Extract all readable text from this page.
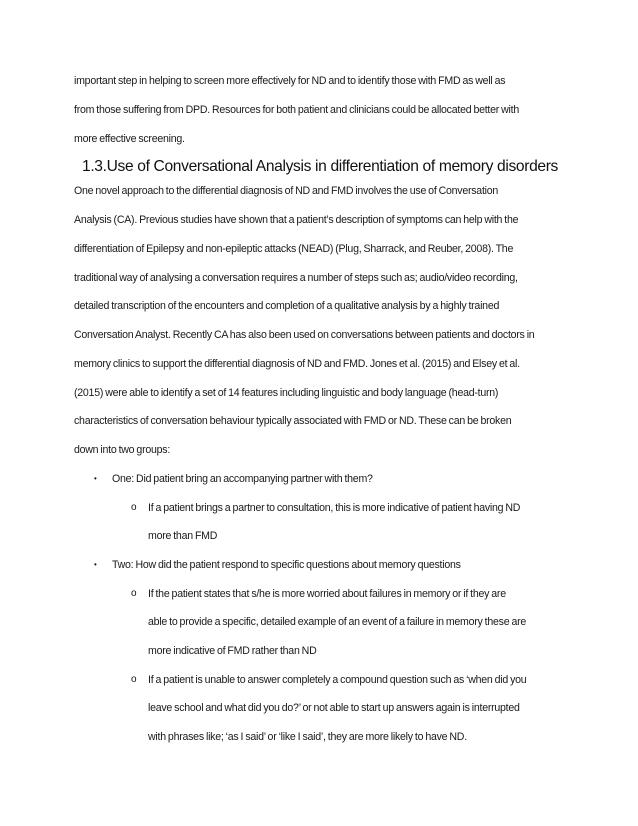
important step in helping to screen more effectively for ND and to identify those with FMD as well as
from those suffering from DPD. Resources for both patient and clinicians could be allocated better with
more effective screening.
1.3.Use of Conversational Analysis in differentiation of memory disorders
One novel approach to the differential diagnosis of ND and FMD involves the use of Conversation
Analysis (CA). Previous studies have shown that a patient’s description of symptoms can help with the
differentiation of Epilepsy and non-epileptic attacks (NEAD) (Plug, Sharrack, and Reuber, 2008). The
traditional way of analysing a conversation requires a number of steps such as; audio/video recording,
detailed transcription of the encounters and completion of a qualitative analysis by a highly trained
Conversation Analyst. Recently CA has also been used on conversations between patients and doctors in
memory clinics to support the differential diagnosis of ND and FMD. Jones et al. (2015) and Elsey et al.
(2015) were able to identify a set of 14 features including linguistic and body language (head-turn)
characteristics of conversation behaviour typically associated with FMD or ND. These can be broken
down into two groups:
• One: Did patient bring an accompanying partner with them?
o If a patient brings a partner to consultation, this is more indicative of patient having ND
more than FMD
• Two: How did the patient respond to specific questions about memory questions
o If the patient states that s/he is more worried about failures in memory or if they are
able to provide a specific, detailed example of an event of a failure in memory these are
more indicative of FMD rather than ND
o If a patient is unable to answer completely a compound question such as ‘when did you
leave school and what did you do?’ or not able to start up answers again is interrupted
with phrases like; ‘as I said’ or ‘like I said’, they are more likely to have ND.
